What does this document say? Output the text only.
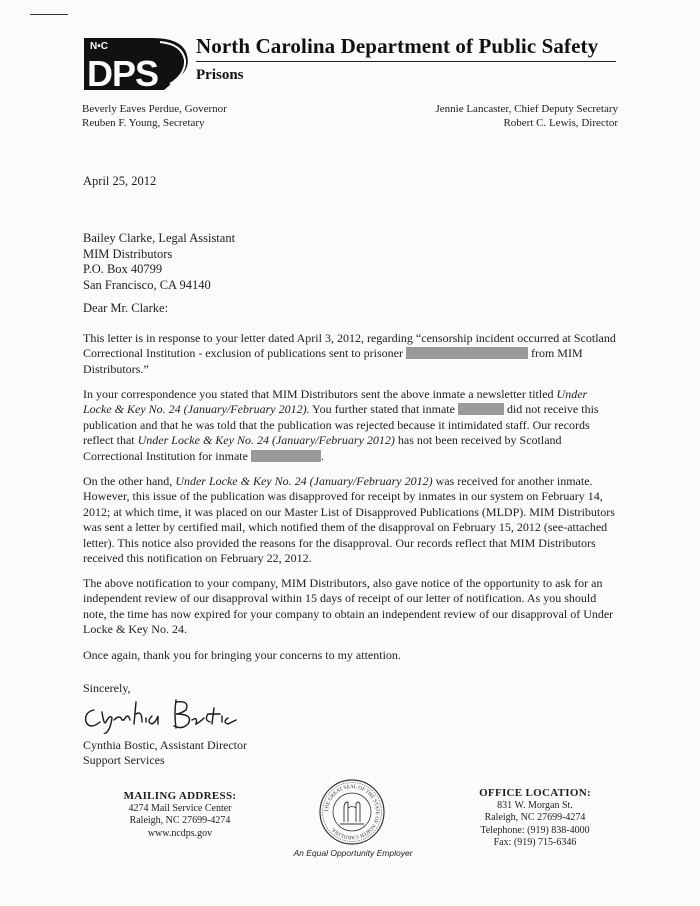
N•C
DPS
North Carolina Department of Public Safety
Prisons
Beverly Eaves Perdue, Governor
Reuben F. Young, Secretary
Jennie Lancaster, Chief Deputy Secretary
Robert C. Lewis, Director
April 25, 2012
Bailey Clarke, Legal Assistant
MIM Distributors
P.O. Box 40799
San Francisco, CA 94140
Dear Mr. Clarke:

This letter is in response to your letter dated April 3, 2012, regarding “censorship incident occurred at Scotland Correctional Institution - exclusion of publications sent to prisoner	from MIM Distributors.”

In your correspondence you stated that MIM Distributors sent the above inmate a newsletter titled Under Locke & Key No. 24 (January/February 2012). You further stated that inmate	did not receive this publication and that he was told that the publication was rejected because it intimidated staff. Our records reflect that Under Locke & Key No. 24 (January/February 2012) has not been received by Scotland Correctional Institution for inmate	.

On the other hand, Under Locke & Key No. 24 (January/February 2012) was received for another inmate. However, this issue of the publication was disapproved for receipt by inmates in our system on February 14, 2012; at which time, it was placed on our Master List of Disapproved Publications (MLDP). MIM Distributors was sent a letter by certified mail, which notified them of the disapproval on February 15, 2012 (see-attached letter). This notice also provided the reasons for the disapproval. Our records reflect that MIM Distributors received this notification on February 22, 2012.

The above notification to your company, MIM Distributors, also gave notice of the opportunity to ask for an independent review of our disapproval within 15 days of receipt of our letter of notification. As you should note, the time has now expired for your company to obtain an independent review of our disapproval of Under Locke & Key No. 24.

Once again, thank you for bringing your concerns to my attention.

Sincerely,
Cynthia Bostic, Assistant Director
Support Services
MAILING ADDRESS:
4274 Mail Service Center
Raleigh, NC 27699-4274
www.ncdps.gov
THE GREAT SEAL OF THE STATE OF NORTH CAROLINA
An Equal Opportunity Employer
OFFICE LOCATION:
831 W. Morgan St.
Raleigh, NC 27699-4274
Telephone: (919) 838-4000
Fax: (919) 715-6346
